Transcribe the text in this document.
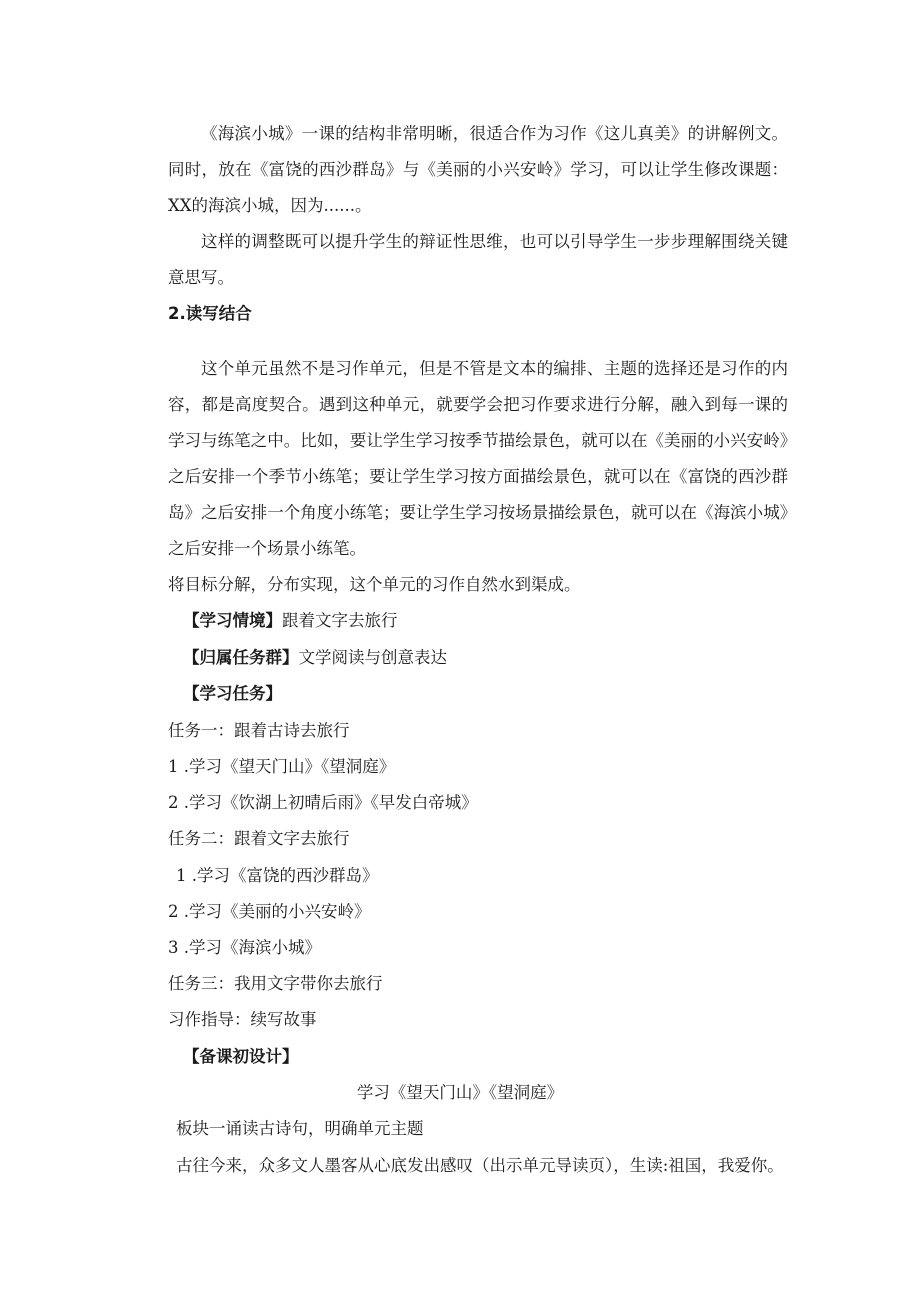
《海滨小城》一课的结构非常明晰，很适合作为习作《这儿真美》的讲解例文。同时，放在《富饶的西沙群岛》与《美丽的小兴安岭》学习，可以让学生修改课题：XX的海滨小城，因为......。

这样的调整既可以提升学生的辩证性思维，也可以引导学生一步步理解围绕关键意思写。

2.读写结合

这个单元虽然不是习作单元，但是不管是文本的编排、主题的选择还是习作的内容，都是高度契合。遇到这种单元，就要学会把习作要求进行分解，融入到每一课的学习与练笔之中。比如，要让学生学习按季节描绘景色，就可以在《美丽的小兴安岭》之后安排一个季节小练笔；要让学生学习按方面描绘景色，就可以在《富饶的西沙群岛》之后安排一个角度小练笔；要让学生学习按场景描绘景色，就可以在《海滨小城》之后安排一个场景小练笔。

将目标分解，分布实现，这个单元的习作自然水到渠成。
【学习情境】跟着文字去旅行
【归属任务群】文学阅读与创意表达
【学习任务】
任务一：跟着古诗去旅行
1 .学习《望天门山》《望洞庭》
2 .学习《饮湖上初晴后雨》《早发白帝城》
任务二：跟着文字去旅行
1 .学习《富饶的西沙群岛》
2 .学习《美丽的小兴安岭》
3 .学习《海滨小城》
任务三：我用文字带你去旅行
习作指导：续写故事
【备课初设计】
学习《望天门山》《望洞庭》
板块一诵读古诗句，明确单元主题
古往今来，众多文人墨客从心底发出感叹（出示单元导读页），生读:祖国，我爱你。
